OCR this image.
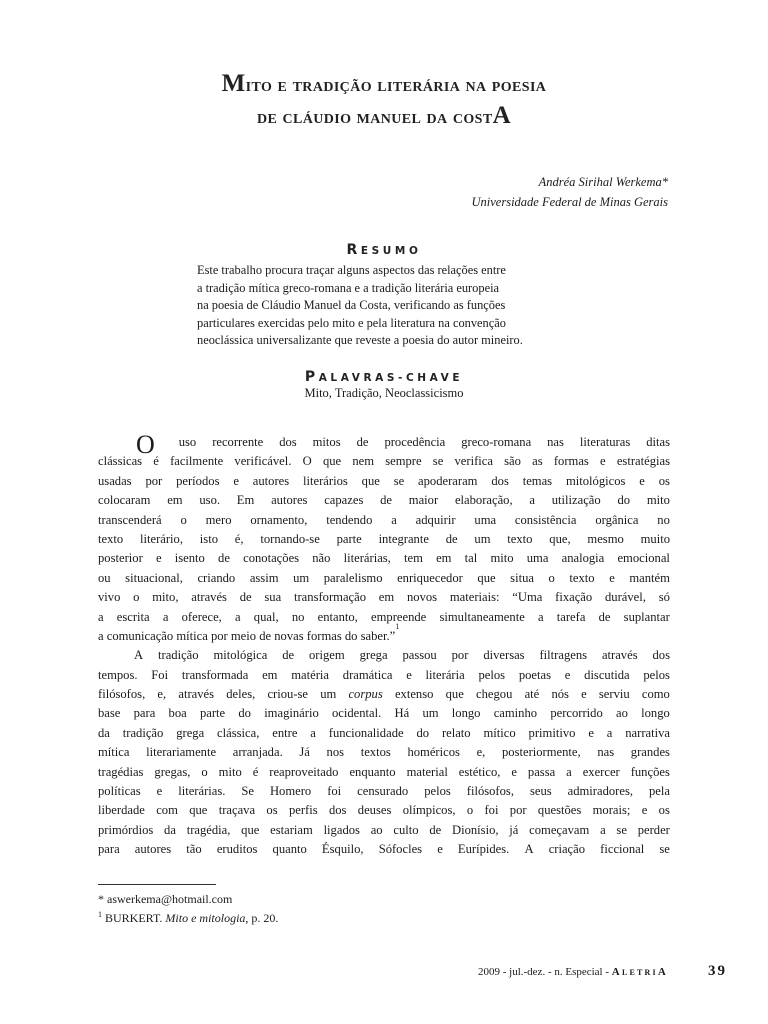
Mito e tradição literária na poesia
de cláudio manuel da costA
Andréa Sirihal Werkema*
Universidade Federal de Minas Gerais
RESUMO
Este trabalho procura traçar alguns aspectos das relações entre
a tradição mítica greco-romana e a tradição literária europeia
na poesia de Cláudio Manuel da Costa, verificando as funções
particulares exercidas pelo mito e pela literatura na convenção
neoclássica universalizante que reveste a poesia do autor mineiro.
PALAVRAS-CHAVE
Mito, Tradição, Neoclassicismo
O uso recorrente dos mitos de procedência greco-romana nas literaturas ditas
clássicas é facilmente verificável. O que nem sempre se verifica são as formas e estratégias
usadas por períodos e autores literários que se apoderaram dos temas mitológicos e os
colocaram em uso. Em autores capazes de maior elaboração, a utilização do mito
transcenderá o mero ornamento, tendendo a adquirir uma consistência orgânica no
texto literário, isto é, tornando-se parte integrante de um texto que, mesmo muito
posterior e isento de conotações não literárias, tem em tal mito uma analogia emocional
ou situacional, criando assim um paralelismo enriquecedor que situa o texto e mantém
vivo o mito, através de sua transformação em novos materiais: “Uma fixação durável, só
a escrita a oferece, a qual, no entanto, empreende simultaneamente a tarefa de suplantar
a comunicação mítica por meio de novas formas do saber.”
1
A tradição mitológica de origem grega passou por diversas filtragens através dos
tempos. Foi transformada em matéria dramática e literária pelos poetas e discutida pelos
filósofos, e, através deles, criou-se um corpus extenso que chegou até nós e serviu como
base para boa parte do imaginário ocidental. Há um longo caminho percorrido ao longo
da tradição grega clássica, entre a funcionalidade do relato mítico primitivo e a narrativa
mítica literariamente arranjada. Já nos textos homéricos e, posteriormente, nas grandes
tragédias gregas, o mito é reaproveitado enquanto material estético, e passa a exercer funções
políticas e literárias. Se Homero foi censurado pelos filósofos, seus admiradores, pela
liberdade com que traçava os perfis dos deuses olímpicos, o foi por questões morais; e os
primórdios da tragédia, que estariam ligados ao culto de Dionísio, já começavam a se perder
para autores tão eruditos quanto Ésquilo, Sófocles e Eurípides. A criação ficcional se
* aswerkema@hotmail.com
$^1$ BURKERT. Mito e mitologia, p. 20.
2009 - jul.-dez. - n. Especial - AletriA	39
